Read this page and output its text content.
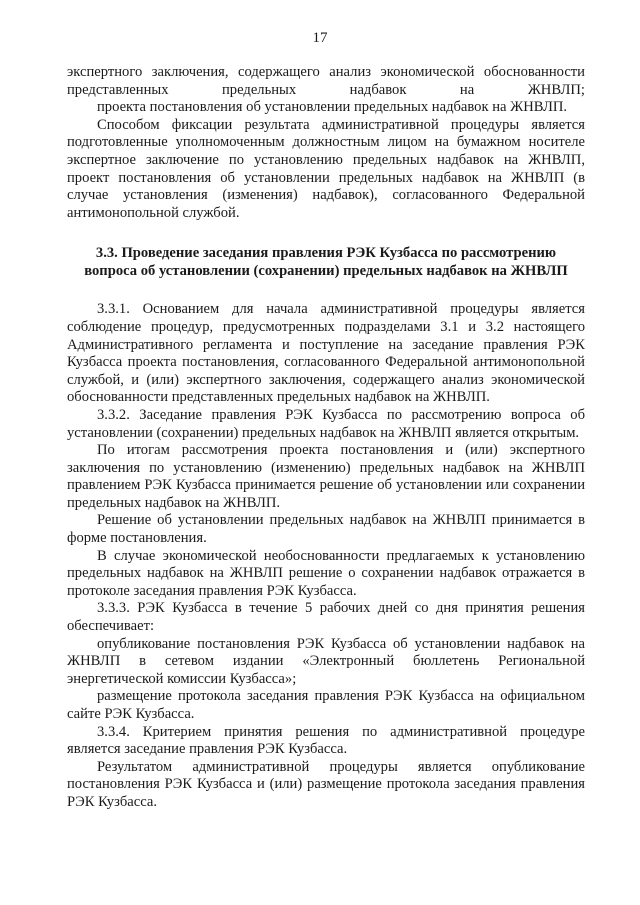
17

экспертного заключения, содержащего анализ экономической обоснованности представленных предельных надбавок на ЖНВЛП;

проекта постановления об установлении предельных надбавок на ЖНВЛП.

Способом фиксации результата административной процедуры является подготовленные уполномоченным должностным лицом на бумажном носителе экспертное заключение по установлению предельных надбавок на ЖНВЛП, проект постановления об установлении предельных надбавок на ЖНВЛП (в случае установления (изменения) надбавок), согласованного Федеральной антимонопольной службой.

3.3. Проведение заседания правления РЭК Кузбасса по рассмотрению вопроса об установлении (сохранении) предельных надбавок на ЖНВЛП

3.3.1. Основанием для начала административной процедуры является соблюдение процедур, предусмотренных подразделами 3.1 и 3.2 настоящего Административного регламента и поступление на заседание правления РЭК Кузбасса проекта постановления, согласованного Федеральной антимонопольной службой, и (или) экспертного заключения, содержащего анализ экономической обоснованности представленных предельных надбавок на ЖНВЛП.

3.3.2. Заседание правления РЭК Кузбасса по рассмотрению вопроса об установлении (сохранении) предельных надбавок на ЖНВЛП является открытым.

По итогам рассмотрения проекта постановления и (или) экспертного заключения по установлению (изменению) предельных надбавок на ЖНВЛП правлением РЭК Кузбасса принимается решение об установлении или сохранении предельных надбавок на ЖНВЛП.

Решение об установлении предельных надбавок на ЖНВЛП принимается в форме постановления.

В случае экономической необоснованности предлагаемых к установлению предельных надбавок на ЖНВЛП решение о сохранении надбавок отражается в протоколе заседания правления РЭК Кузбасса.

3.3.3. РЭК Кузбасса в течение 5 рабочих дней со дня принятия решения обеспечивает:

опубликование постановления РЭК Кузбасса об установлении надбавок на ЖНВЛП в сетевом издании «Электронный бюллетень Региональной энергетической комиссии Кузбасса»;

размещение протокола заседания правления РЭК Кузбасса на официальном сайте РЭК Кузбасса.

3.3.4. Критерием принятия решения по административной процедуре является заседание правления РЭК Кузбасса.

Результатом административной процедуры является опубликование постановления РЭК Кузбасса и (или) размещение протокола заседания правления РЭК Кузбасса.
